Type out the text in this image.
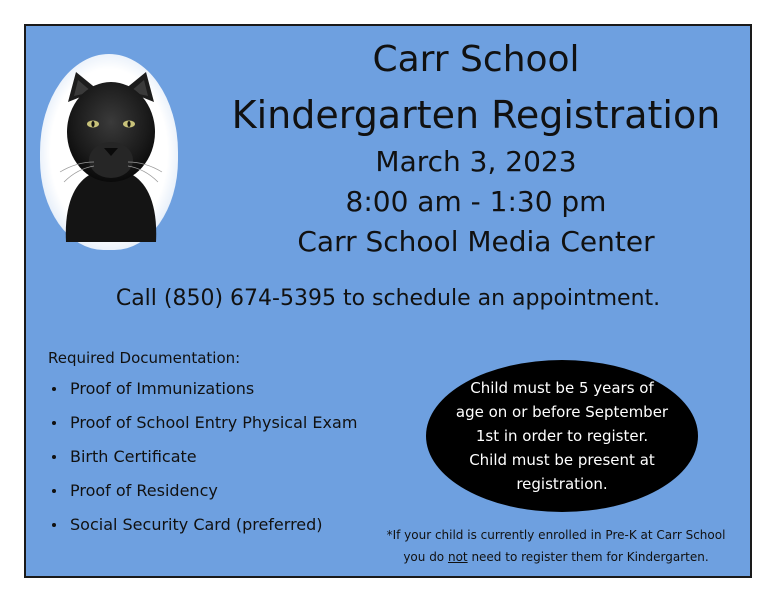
Carr School
Kindergarten Registration
March 3, 2023
8:00 am - 1:30 pm
Carr School Media Center
Call (850) 674-5395 to schedule an appointment.
Required Documentation:
Proof of Immunizations
Proof of School Entry Physical Exam
Birth Certificate
Proof of Residency
Social Security Card (preferred)
Child must be 5 years of
age on or before September
1st in order to register.
Child must be present at
registration.
*If your child is currently enrolled in Pre-K at Carr School
you do not need to register them for Kindergarten.
